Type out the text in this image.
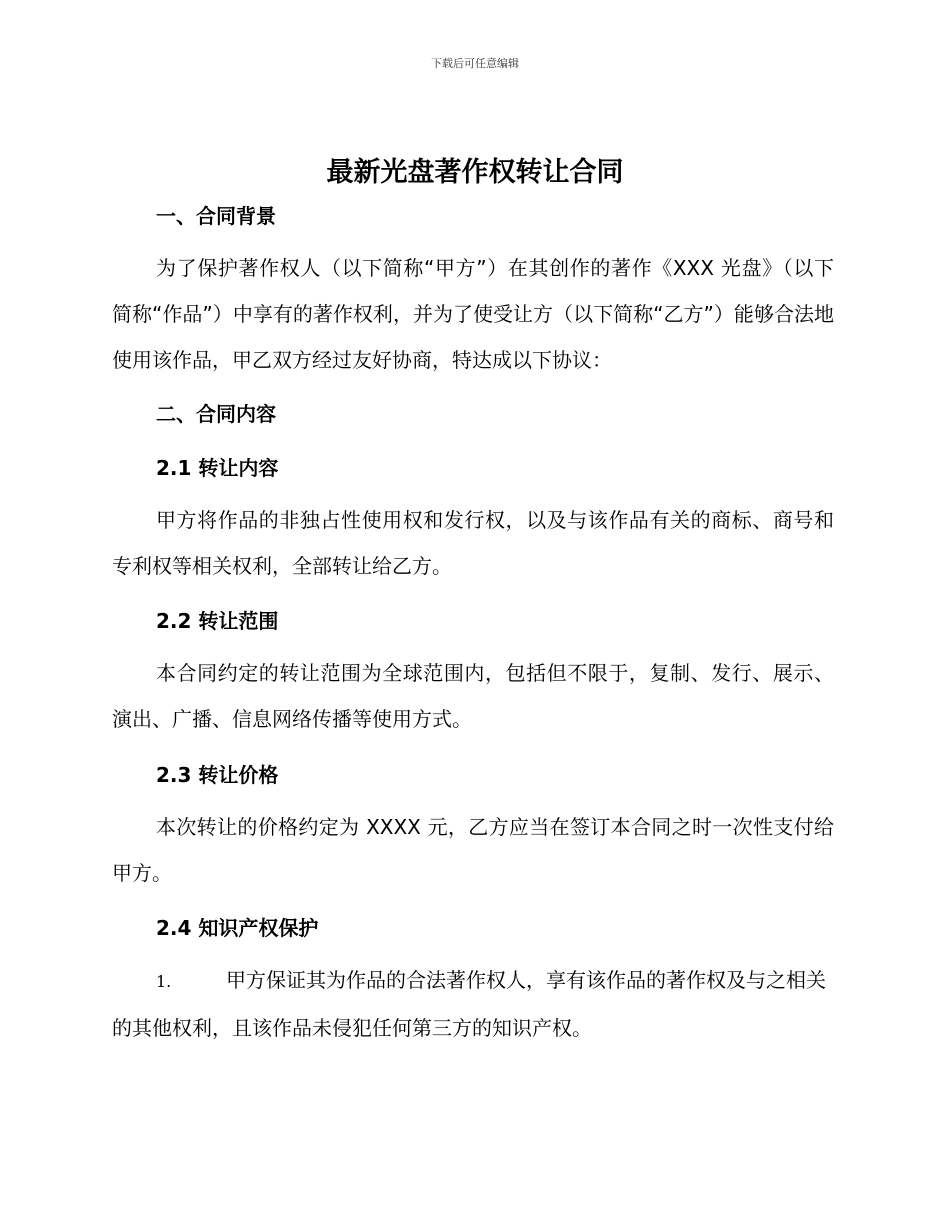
下载后可任意编辑
最新光盘著作权转让合同
一、合同背景
为了保护著作权人（以下简称“甲方”）在其创作的著作《XXX 光盘》（以下简称“作品”）中享有的著作权利，并为了使受让方（以下简称“乙方”）能够合法地使用该作品，甲乙双方经过友好协商，特达成以下协议：
二、合同内容
2.1 转让内容
甲方将作品的非独占性使用权和发行权，以及与该作品有关的商标、商号和专利权等相关权利，全部转让给乙方。
2.2 转让范围
本合同约定的转让范围为全球范围内，包括但不限于，复制、发行、展示、演出、广播、信息网络传播等使用方式。
2.3 转让价格
本次转让的价格约定为 XXXX 元，乙方应当在签订本合同之时一次性支付给甲方。
2.4 知识产权保护
1.	甲方保证其为作品的合法著作权人，享有该作品的著作权及与之相关的其他权利，且该作品未侵犯任何第三方的知识产权。
